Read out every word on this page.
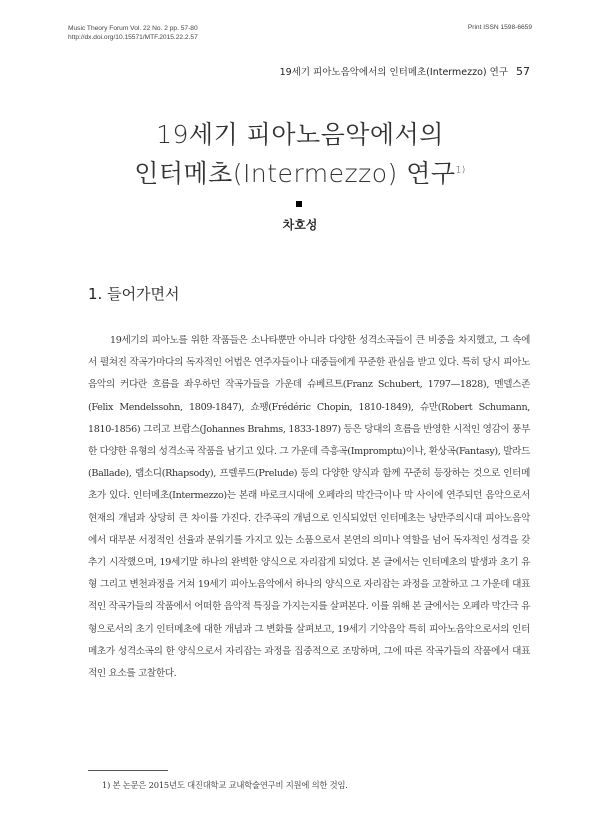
Music Theory Forum Vol. 22 No. 2 pp. 57-80
http://dx.doi.org/10.15571/MTF.2015.22.2.57
Print ISSN 1598-6659
19세기 피아노음악에서의 인터메초(Intermezzo) 연구 57
19세기 피아노음악에서의
인터메초(Intermezzo) 연구$^{1)}$
차호성
1. 들어가면서
19세기의 피아노를 위한 작품들은 소나타뿐만 아니라 다양한 성격소곡들이 큰 비중을 차지했고, 그 속에서 펼쳐진 작곡가마다의 독자적인 어법은 연주자들이나 대중들에게 꾸준한 관심을 받고 있다. 특히 당시 피아노음악의 커다란 흐름을 좌우하던 작곡가들을 가운데 슈베르트(Franz Schubert, 1797—1828), 멘델스존(Felix Mendelssohn, 1809-1847), 쇼팽(Frédéric Chopin, 1810-1849), 슈만(Robert Schumann, 1810-1856) 그리고 브람스(Johannes Brahms, 1833-1897) 등은 당대의 흐름을 반영한 시적인 영감이 풍부한 다양한 유형의 성격소곡 작품을 남기고 있다. 그 가운데 즉흥곡(Impromptu)이나, 환상곡(Fantasy), 발라드(Ballade), 랩소디(Rhapsody), 프렐루드(Prelude) 등의 다양한 양식과 함께 꾸준히 등장하는 것으로 인터메초가 있다. 인터메초(Intermezzo)는 본래 바로크시대에 오페라의 막간극이나 막 사이에 연주되던 음악으로서 현재의 개념과 상당히 큰 차이를 가진다. 간주곡의 개념으로 인식되었던 인터메초는 낭만주의시대 피아노음악에서 대부분 서정적인 선율과 분위기를 가지고 있는 소품으로서 본연의 의미나 역할을 넘어 독자적인 성격을 갖추기 시작했으며, 19세기말 하나의 완벽한 양식으로 자리잡게 되었다. 본 글에서는 인터메초의 발생과 초기 유형 그리고 변천과정을 거쳐 19세기 피아노음악에서 하나의 양식으로 자리잡는 과정을 고찰하고 그 가운데 대표적인 작곡가들의 작품에서 어떠한 음악적 특징을 가지는지를 살펴본다. 이를 위해 본 글에서는 오페라 막간극 유형으로서의 초기 인터메초에 대한 개념과 그 변화를 살펴보고, 19세기 기악음악 특히 피아노음악으로서의 인터메초가 성격소곡의 한 양식으로서 자리잡는 과정을 집중적으로 조망하며, 그에 따른 작곡가들의 작품에서 대표적인 요소를 고찰한다.
1) 본 논문은 2015년도 대진대학교 교내학술연구비 지원에 의한 것임.
